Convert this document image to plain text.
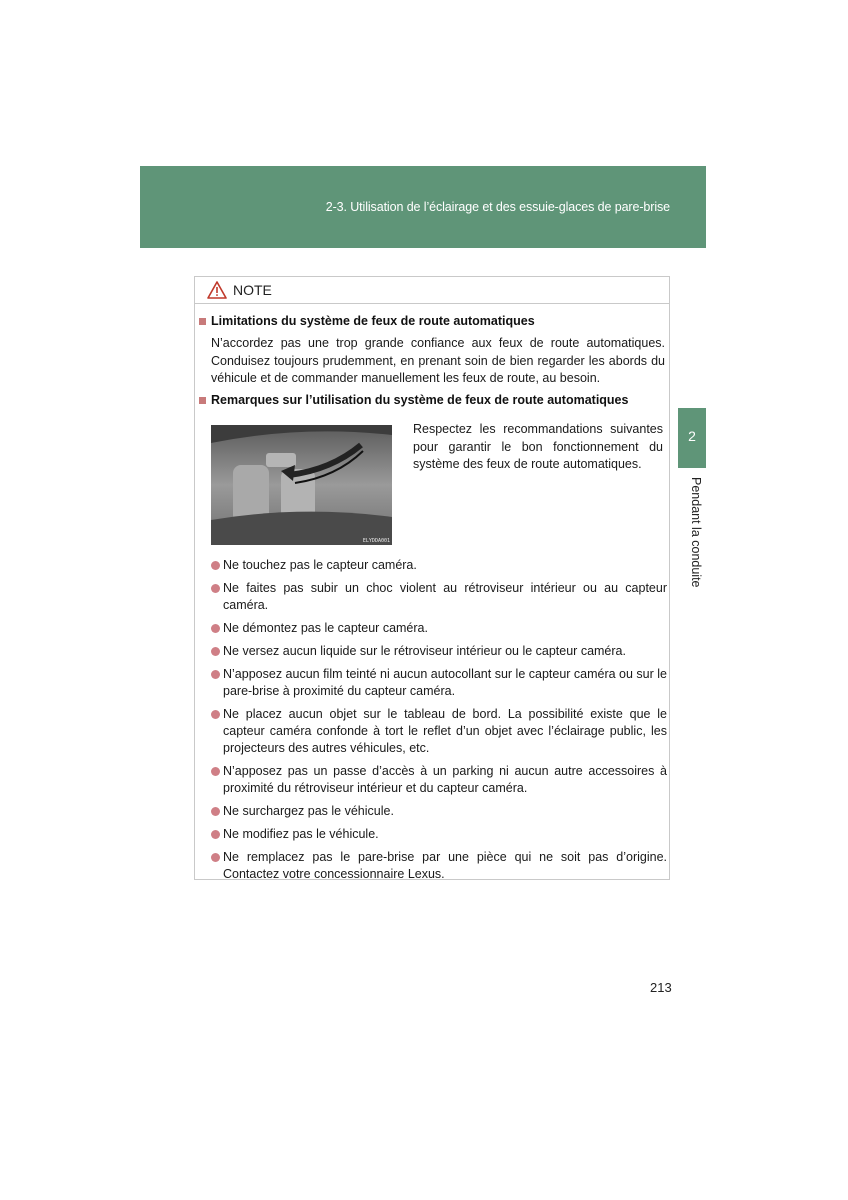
2-3. Utilisation de l’éclairage et des essuie-glaces de pare-brise
2
Pendant la conduite
NOTE
Limitations du système de feux de route automatiques
N’accordez pas une trop grande confiance aux feux de route automatiques. Conduisez toujours prudemment, en prenant soin de bien regarder les abords du véhicule et de commander manuellement les feux de route, au besoin.
Remarques sur l’utilisation du système de feux de route automatiques
ELYDDA001
Respectez les recommandations suivantes pour garantir le bon fonctionnement du système des feux de route automatiques.
Ne touchez pas le capteur caméra.
Ne faites pas subir un choc violent au rétroviseur intérieur ou au capteur caméra.
Ne démontez pas le capteur caméra.
Ne versez aucun liquide sur le rétroviseur intérieur ou le capteur caméra.
N’apposez aucun film teinté ni aucun autocollant sur le capteur caméra ou sur le pare-brise à proximité du capteur caméra.
Ne placez aucun objet sur le tableau de bord. La possibilité existe que le capteur caméra confonde à tort le reflet d’un objet avec l’éclairage public, les projecteurs des autres véhicules, etc.
N’apposez pas un passe d’accès à un parking ni aucun autre accessoires à proximité du rétroviseur intérieur et du capteur caméra.
Ne surchargez pas le véhicule.
Ne modifiez pas le véhicule.
Ne remplacez pas le pare-brise par une pièce qui ne soit pas d’origine. Contactez votre concessionnaire Lexus.
213
